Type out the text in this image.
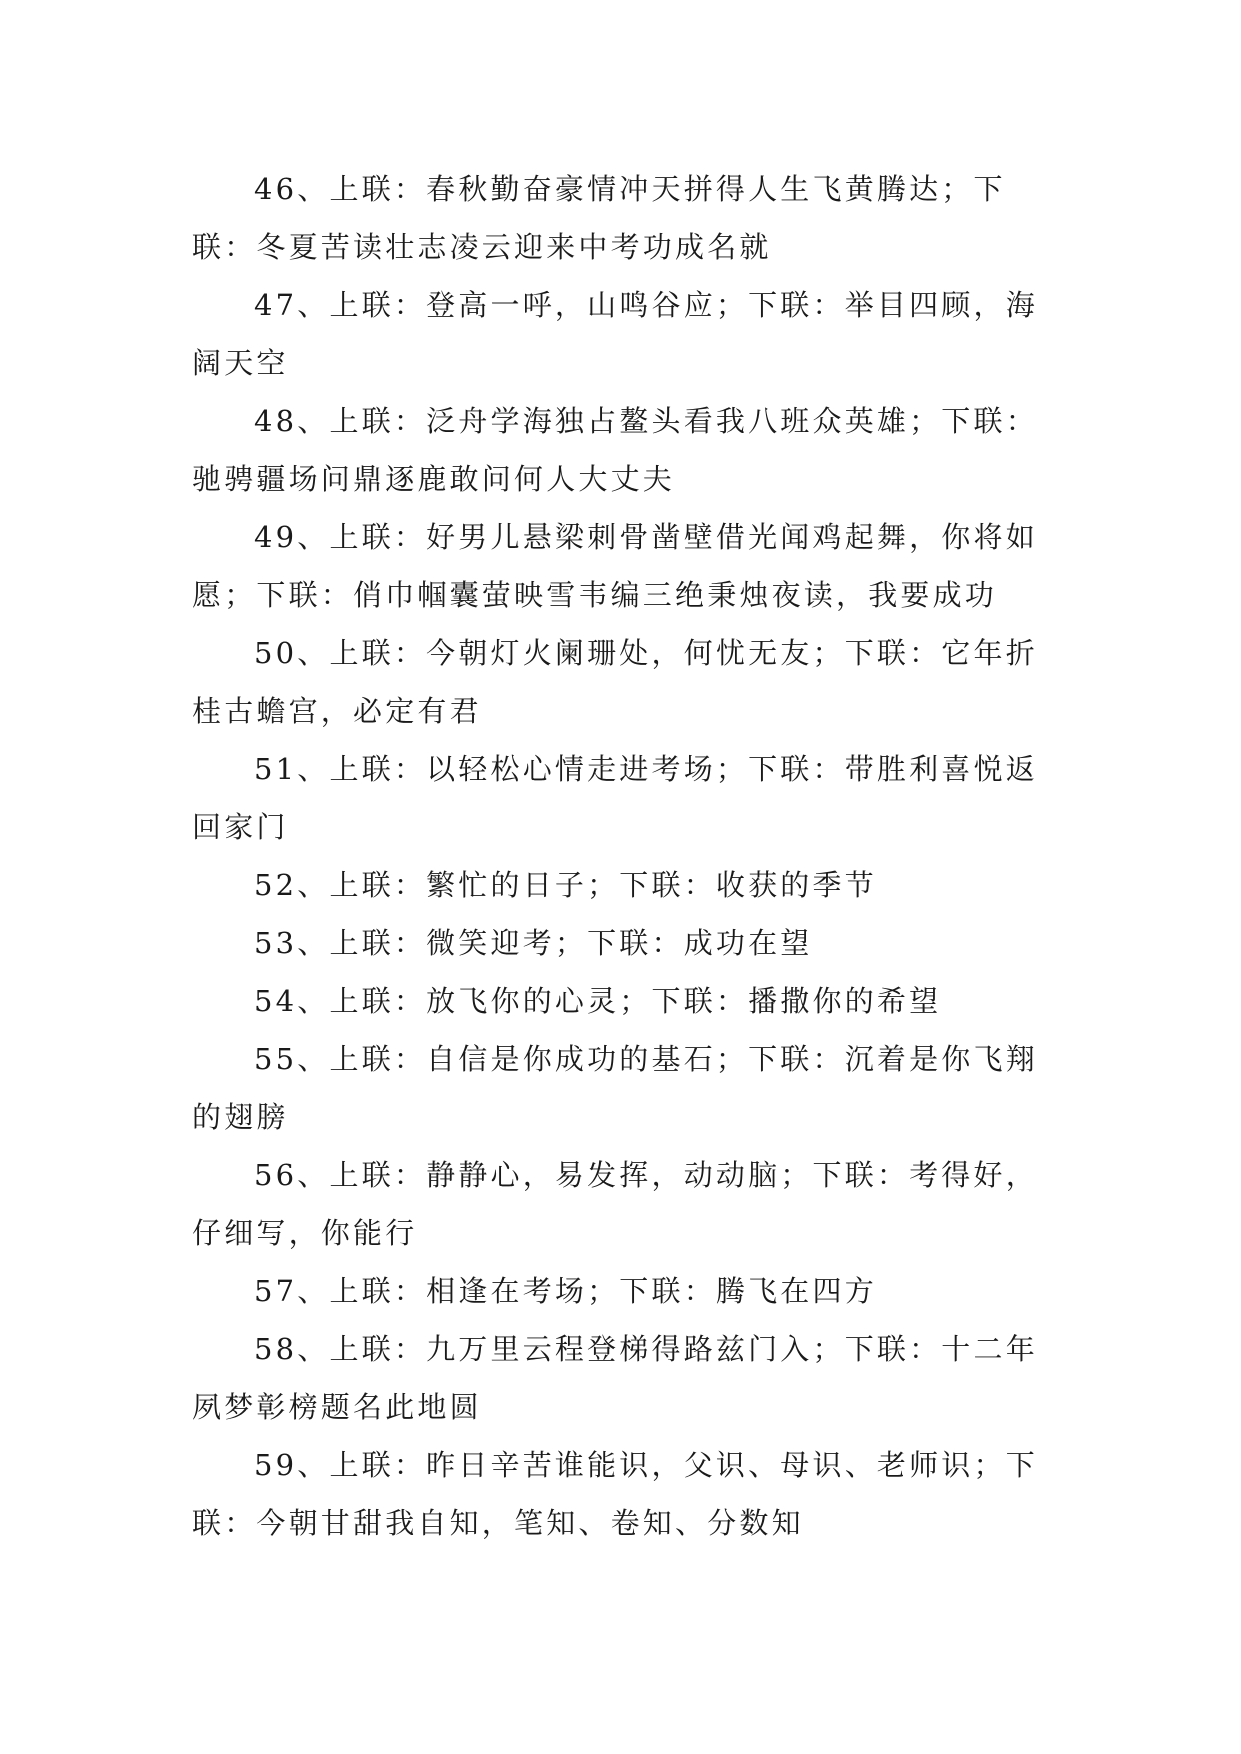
46、上联：春秋勤奋豪情冲天拼得人生飞黄腾达；下联：冬夏苦读壮志凌云迎来中考功成名就

47、上联：登高一呼，山鸣谷应；下联：举目四顾，海阔天空

48、上联：泛舟学海独占鳌头看我八班众英雄；下联：驰骋疆场问鼎逐鹿敢问何人大丈夫

49、上联：好男儿悬梁刺骨凿壁借光闻鸡起舞，你将如愿；下联：俏巾帼囊萤映雪韦编三绝秉烛夜读，我要成功

50、上联：今朝灯火阑珊处，何忧无友；下联：它年折桂古蟾宫，必定有君

51、上联：以轻松心情走进考场；下联：带胜利喜悦返回家门

52、上联：繁忙的日子；下联：收获的季节

53、上联：微笑迎考；下联：成功在望

54、上联：放飞你的心灵；下联：播撒你的希望

55、上联：自信是你成功的基石；下联：沉着是你飞翔的翅膀

56、上联：静静心，易发挥，动动脑；下联：考得好，仔细写，你能行

57、上联：相逢在考场；下联：腾飞在四方

58、上联：九万里云程登梯得路兹门入；下联：十二年夙梦彰榜题名此地圆

59、上联：昨日辛苦谁能识，父识、母识、老师识；下联：今朝甘甜我自知，笔知、卷知、分数知
